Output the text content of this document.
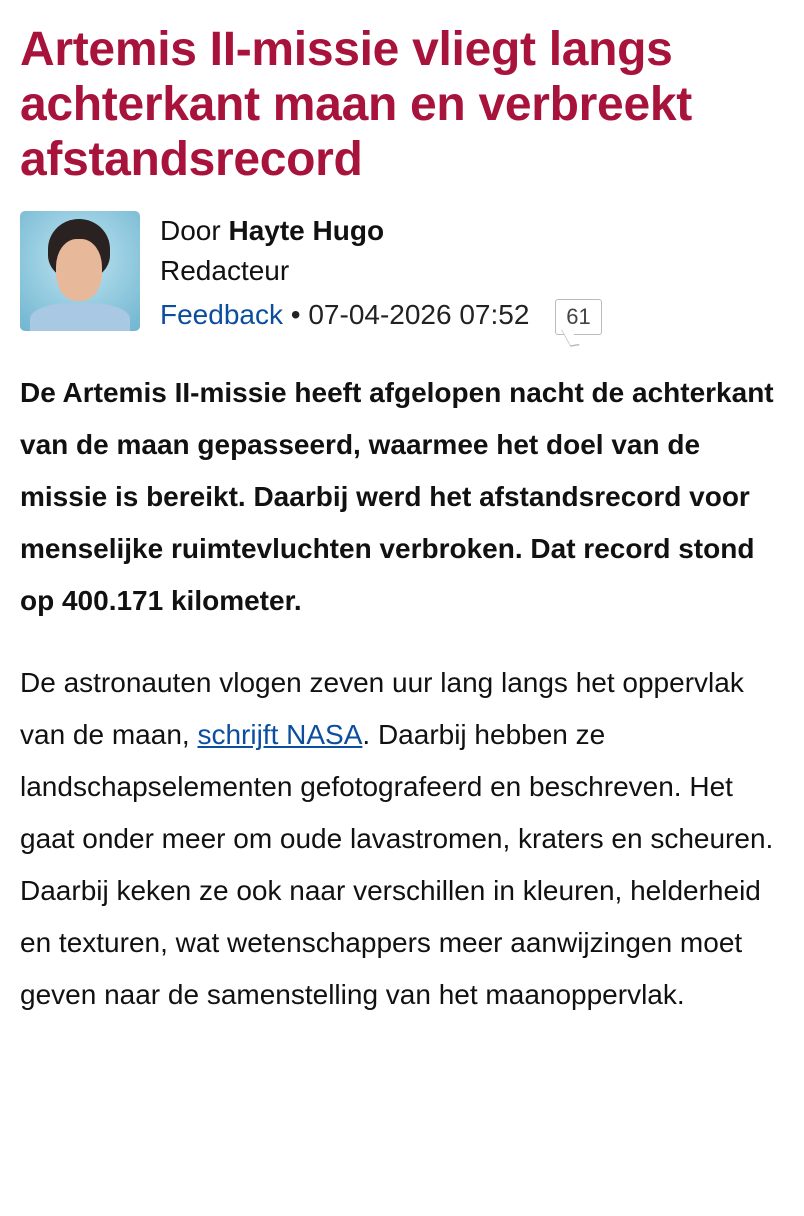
Artemis II-missie vliegt langs achterkant maan en verbreekt afstandsrecord
Door Hayte Hugo
Redacteur
Feedback • 07-04-2026 07:52 61

De Artemis II-missie heeft afgelopen nacht de achterkant van de maan gepasseerd, waarmee het doel van de missie is bereikt. Daarbij werd het afstandsrecord voor menselijke ruimtevluchten verbroken. Dat record stond op 400.171 kilometer.

De astronauten vlogen zeven uur lang langs het oppervlak van de maan, schrijft NASA. Daarbij hebben ze landschapselementen gefotografeerd en beschreven. Het gaat onder meer om oude lavastromen, kraters en scheuren. Daarbij keken ze ook naar verschillen in kleuren, helderheid en texturen, wat wetenschappers meer aanwijzingen moet geven naar de samenstelling van het maanoppervlak.
